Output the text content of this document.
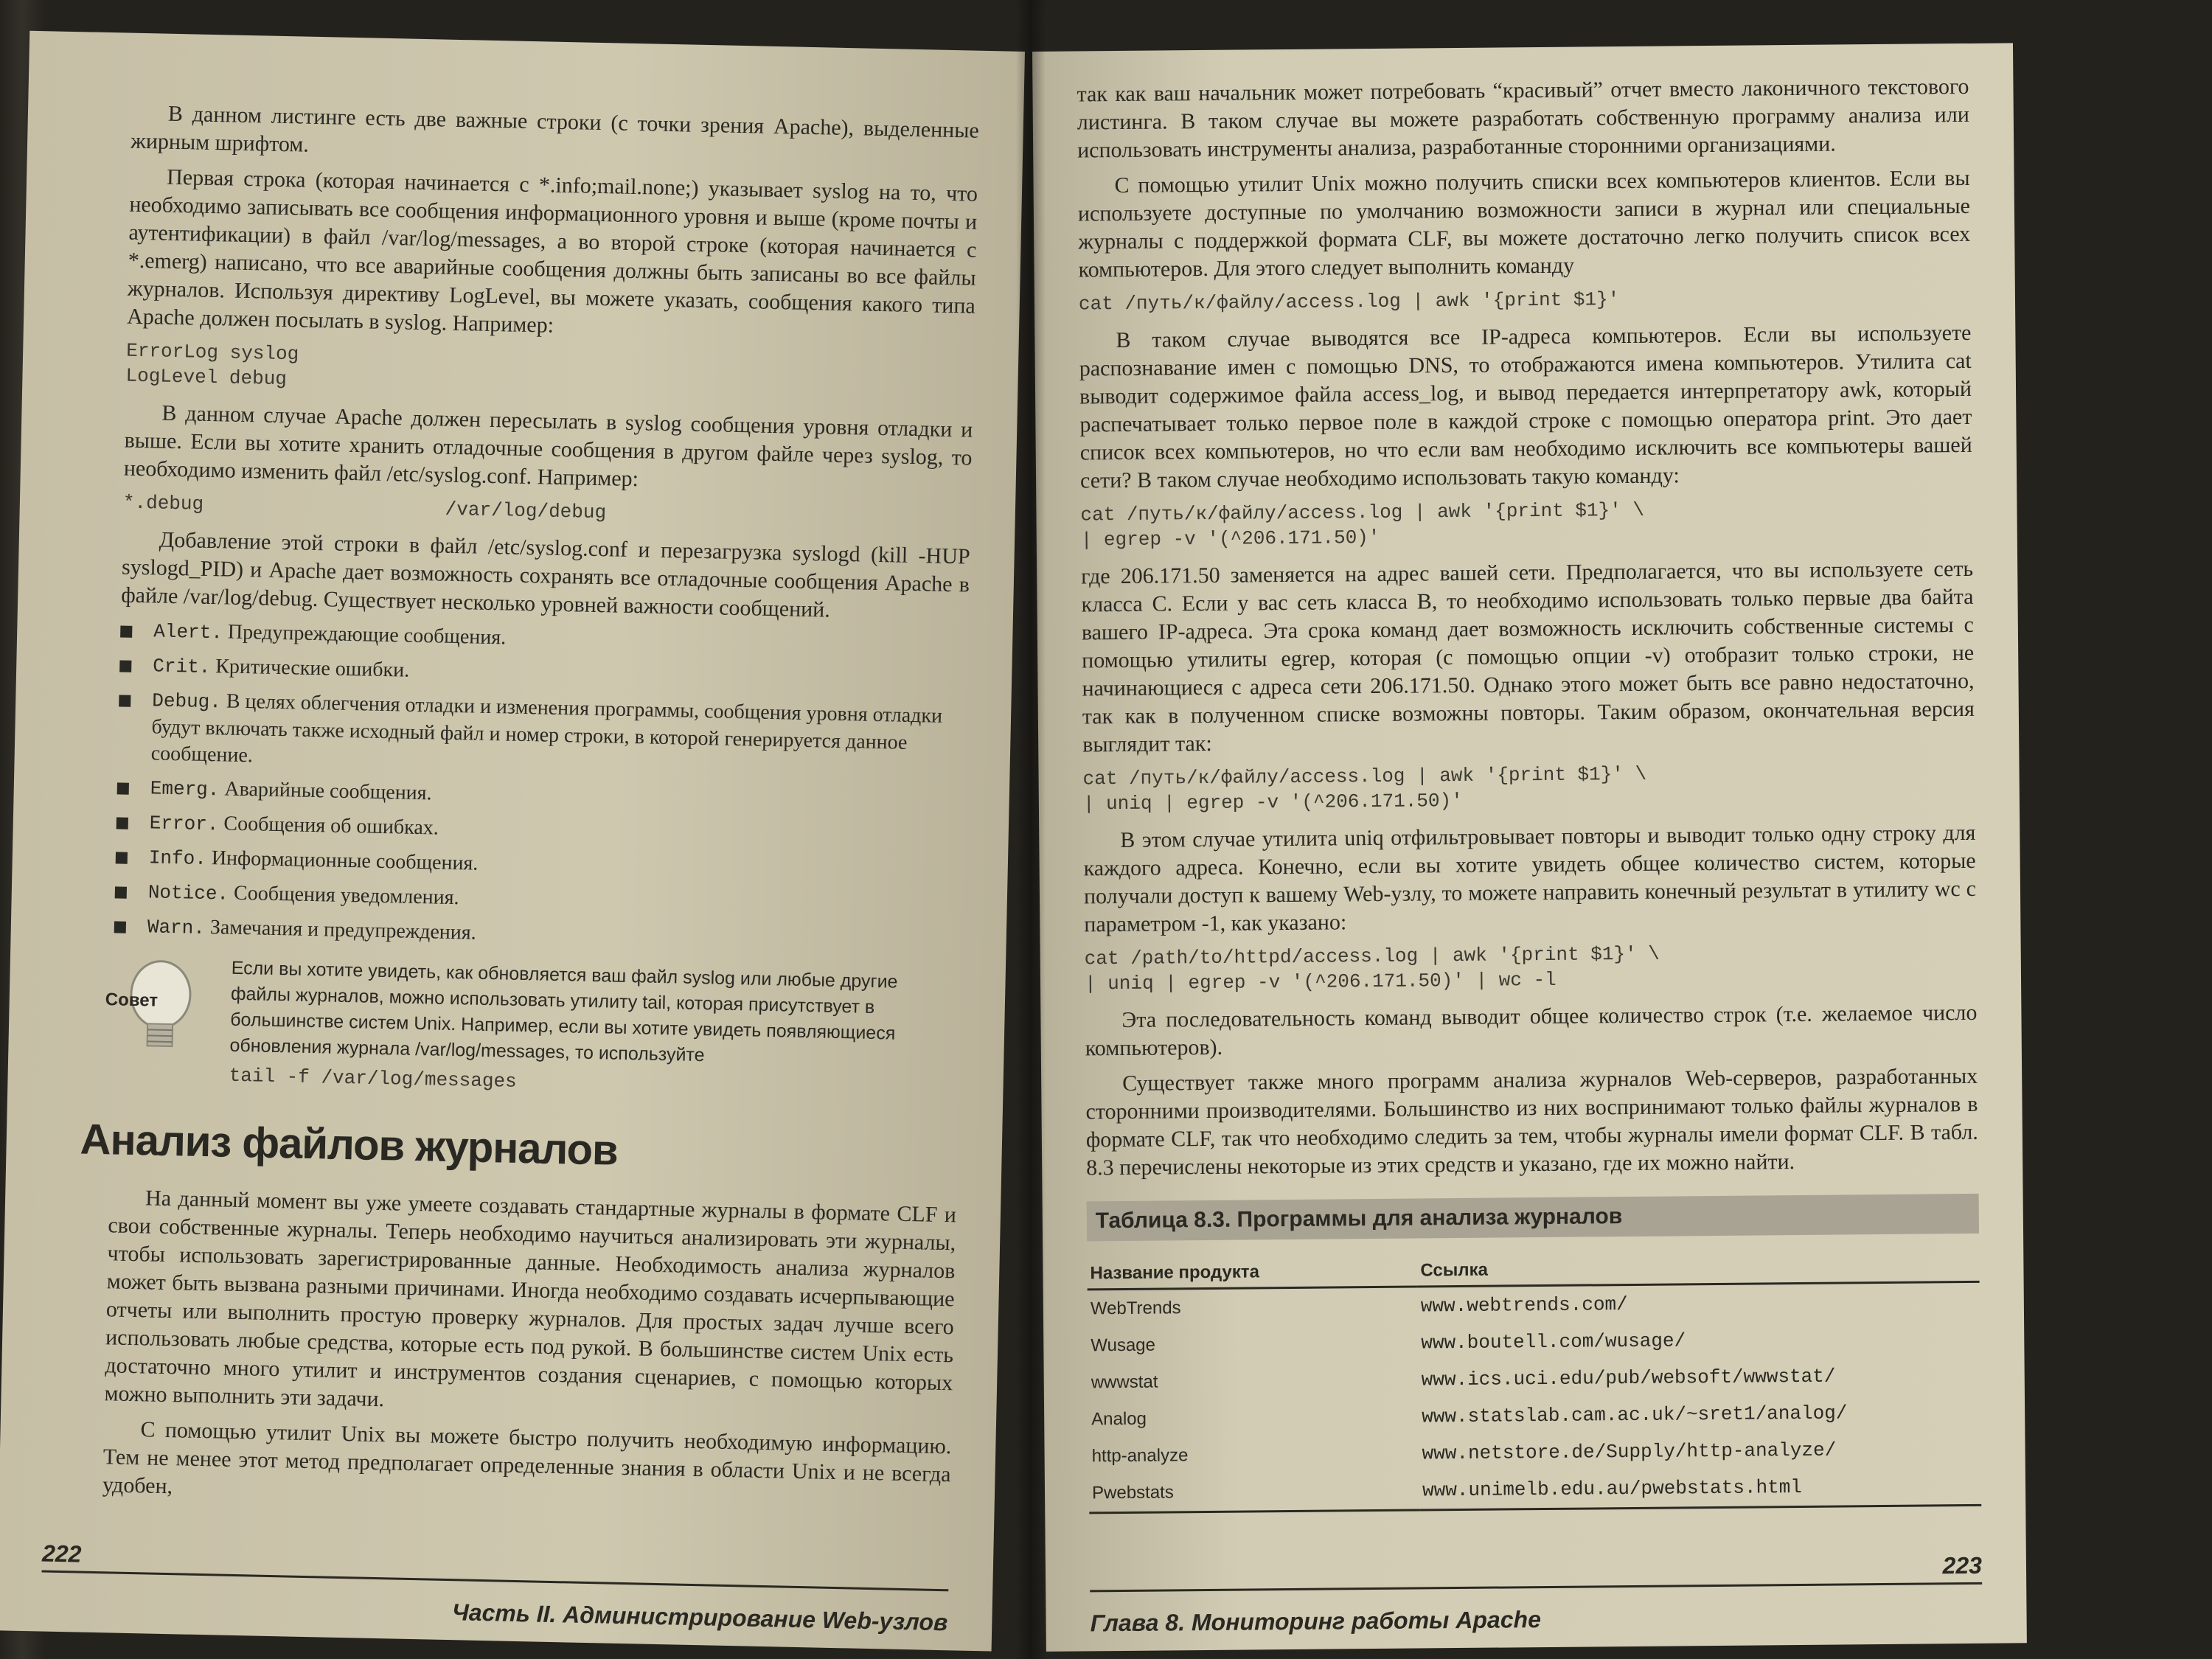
В данном листинге есть две важные строки (с точки зрения Apache), выделенные жирным шрифтом.

Первая строка (которая начинается с *.info;mail.none;) указывает syslog на то, что необходимо записывать все сообщения информационного уровня и выше (кроме почты и аутентификации) в файл /var/log/messages, а во второй строке (которая начинается с *.emerg) написано, что все аварийные сообщения должны быть записаны во все файлы журналов. Используя директиву LogLevel, вы можете указать, сообщения какого типа Apache должен посылать в syslog. Например:

ErrorLog syslog
LogLevel debug

В данном случае Apache должен пересылать в syslog сообщения уровня отладки и выше. Если вы хотите хранить отладочные сообщения в другом файле через syslog, то необходимо изменить файл /etc/syslog.conf. Например:

*.debug                     /var/log/debug

Добавление этой строки в файл /etc/syslog.conf и перезагрузка syslogd (kill -HUP syslogd_PID) и Apache дает возможность сохранять все отладочные сообщения Apache в файле /var/log/debug. Существует несколько уровней важности сообщений.

Alert. Предупреждающие сообщения.
Crit. Критические ошибки.
Debug. В целях облегчения отладки и изменения программы, сообщения уровня отладки будут включать также исходный файл и номер строки, в которой генерируется данное сообщение.
Emerg. Аварийные сообщения.
Error. Сообщения об ошибках.
Info. Информационные сообщения.
Notice. Сообщения уведомления.
Warn. Замечания и предупреждения.
Совет
Если вы хотите увидеть, как обновляется ваш файл syslog или любые другие файлы журналов, можно использовать утилиту tail, которая присутствует в большинстве систем Unix. Например, если вы хотите увидеть появляющиеся обновления журнала /var/log/messages, то используйте
tail -f /var/log/messages
Анализ файлов журналов

На данный момент вы уже умеете создавать стандартные журналы в формате CLF и свои собственные журналы. Теперь необходимо научиться анализировать эти журналы, чтобы использовать зарегистрированные данные. Необходимость анализа журналов может быть вызвана разными причинами. Иногда необходимо создавать исчерпывающие отчеты или выполнить простую проверку журналов. Для простых задач лучше всего использовать любые средства, которые есть под рукой. В большинстве систем Unix есть достаточно много утилит и инструментов создания сценариев, с помощью которых можно выполнить эти задачи.

С помощью утилит Unix вы можете быстро получить необходимую информацию. Тем не менее этот метод предполагает определенные знания в области Unix и не всегда удобен,

222
Часть II. Администрирование Web-узлов

так как ваш начальник может потребовать “красивый” отчет вместо лаконичного текстового листинга. В таком случае вы можете разработать собственную программу анализа или использовать инструменты анализа, разработанные сторонними организациями.

С помощью утилит Unix можно получить списки всех компьютеров клиентов. Если вы используете доступные по умолчанию возможности записи в журнал или специальные журналы с поддержкой формата CLF, вы можете достаточно легко получить список всех компьютеров. Для этого следует выполнить команду

cat /путь/к/файлу/access.log | awk '{print $1}'

В таком случае выводятся все IP-адреса компьютеров. Если вы используете распознавание имен с помощью DNS, то отображаются имена компьютеров. Утилита cat выводит содержимое файла access_log, и вывод передается интерпретатору awk, который распечатывает только первое поле в каждой строке с помощью оператора print. Это дает список всех компьютеров, но что если вам необходимо исключить все компьютеры вашей сети? В таком случае необходимо использовать такую команду:

cat /путь/к/файлу/access.log | awk '{print $1}' \
| egrep -v '(^206.171.50)'

где 206.171.50 заменяется на адрес вашей сети. Предполагается, что вы используете сеть класса C. Если у вас сеть класса B, то необходимо использовать только первые два байта вашего IP-адреса. Эта срока команд дает возможность исключить собственные системы с помощью утилиты egrep, которая (с помощью опции -v) отобразит только строки, не начинающиеся с адреса сети 206.171.50. Однако этого может быть все равно недостаточно, так как в полученном списке возможны повторы. Таким образом, окончательная версия выглядит так:

cat /путь/к/файлу/access.log | awk '{print $1}' \
| uniq | egrep -v '(^206.171.50)'

В этом случае утилита uniq отфильтровывает повторы и выводит только одну строку для каждого адреса. Конечно, если вы хотите увидеть общее количество систем, которые получали доступ к вашему Web-узлу, то можете направить конечный результат в утилиту wc с параметром -1, как указано:

cat /path/to/httpd/access.log | awk '{print $1}' \
| uniq | egrep -v '(^206.171.50)' | wc -l

Эта последовательность команд выводит общее количество строк (т.е. желаемое число компьютеров).

Существует также много программ анализа журналов Web-серверов, разработанных сторонними производителями. Большинство из них воспринимают только файлы журналов в формате CLF, так что необходимо следить за тем, чтобы журналы имели формат CLF. В табл. 8.3 перечислены некоторые из этих средств и указано, где их можно найти.

Таблица 8.3. Программы для анализа журналов
Название продукта	Ссылка
WebTrends	www.webtrends.com/
Wusage	www.boutell.com/wusage/
wwwstat	www.ics.uci.edu/pub/websoft/wwwstat/
Analog	www.statslab.cam.ac.uk/~sret1/analog/
http-analyze	www.netstore.de/Supply/http-analyze/
Pwebstats	www.unimelb.edu.au/pwebstats.html
223
Глава 8. Мониторинг работы Apache
